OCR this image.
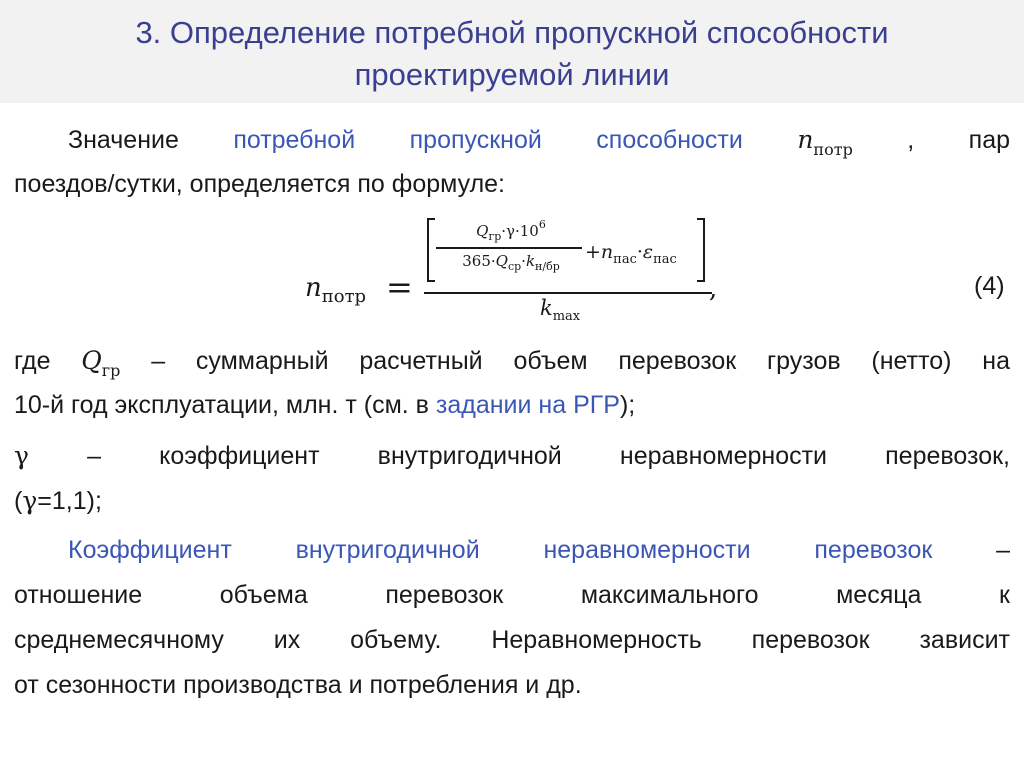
3. Определение потребной пропускной способности
проектируемой линии
Значение потребной пропускной способности $n_{потр}$ , пар
поездов/сутки, определяется по формуле:
$n_{потр}$ =
$Q_{гр}\cdot\gamma\cdot 10^6$
$365\cdot Q_{ср}\cdot k_{н/бр}$
$+n_{пас}\cdot\varepsilon_{пас}$
$k_{max}$
,	(4)
где $Q_{гр}$ – суммарный расчетный объем перевозок грузов (нетто) на
10-й год эксплуатации, млн. т (см. в задании на РГР);
γ – коэффициент внутригодичной неравномерности перевозок,
(γ=1,1);
Коэффициент внутригодичной неравномерности перевозок –
отношение объема перевозок максимального месяца к
среднемесячному их объему. Неравномерность перевозок зависит
от сезонности производства и потребления и др.
